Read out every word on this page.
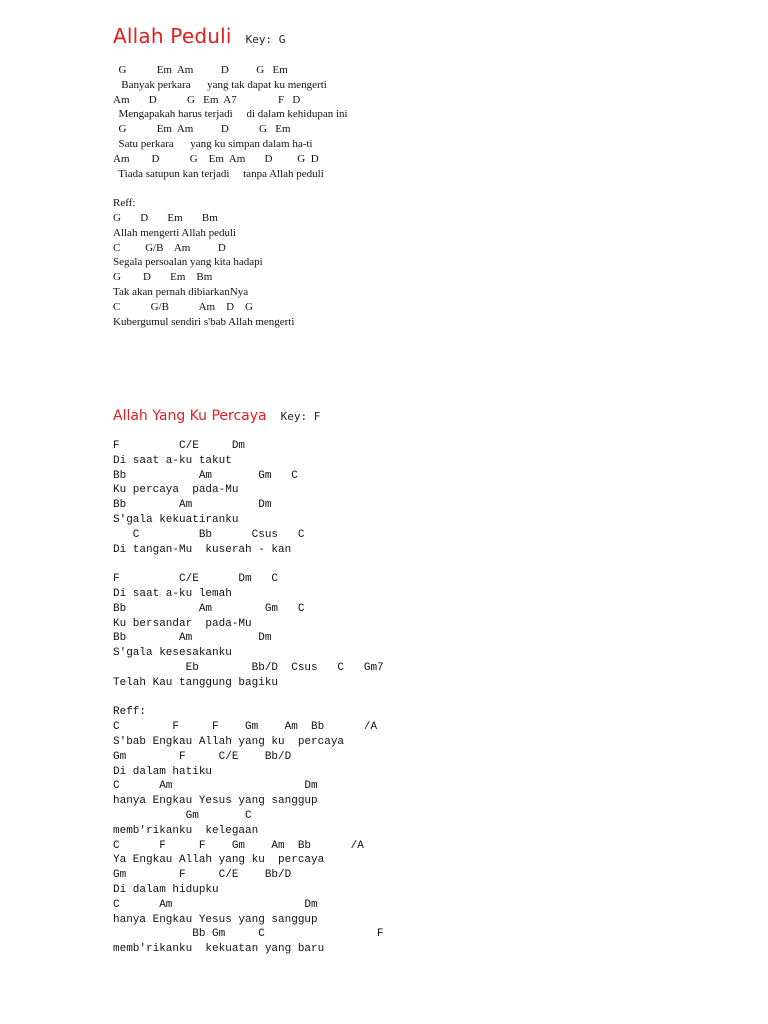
Allah Peduli Key: G
G           Em  Am          D          G   Em
Banyak perkara      yang tak dapat ku mengerti
Am       D           G   Em  A7               F   D
Mengapakah harus terjadi     di dalam kehidupan ini
G           Em  Am          D           G   Em
Satu perkara      yang ku simpan dalam ha-ti
Am        D           G    Em  Am       D         G  D
Tiada satupun kan terjadi     tanpa Allah peduli
Reff:
G       D       Em       Bm
Allah mengerti Allah peduli
C         G/B    Am          D
Segala persoalan yang kita hadapi
G        D       Em    Bm
Tak akan pernah dibiarkanNya
C           G/B           Am    D    G
Kubergumul sendiri s'bab Allah mengerti
Allah Yang Ku Percaya Key: F
F         C/E     Dm
Di saat a-ku takut
Bb           Am       Gm   C
Ku percaya  pada-Mu
Bb        Am          Dm
S'gala kekuatiranku
C         Bb      Csus   C
Di tangan-Mu  kuserah - kan
F         C/E      Dm   C
Di saat a-ku lemah
Bb           Am        Gm   C
Ku bersandar  pada-Mu
Bb        Am          Dm
S'gala kesesakanku
Eb        Bb/D  Csus   C   Gm7
Telah Kau tanggung bagiku
Reff:
C        F     F    Gm    Am  Bb      /A
S'bab Engkau Allah yang ku  percaya
Gm        F     C/E    Bb/D
Di dalam hatiku
C      Am                    Dm
hanya Engkau Yesus yang sanggup
Gm       C
memb'rikanku  kelegaan
C      F     F    Gm    Am  Bb      /A
Ya Engkau Allah yang ku  percaya
Gm        F     C/E    Bb/D
Di dalam hidupku
C      Am                    Dm
hanya Engkau Yesus yang sanggup
Bb Gm     C                 F
memb'rikanku  kekuatan yang baru
